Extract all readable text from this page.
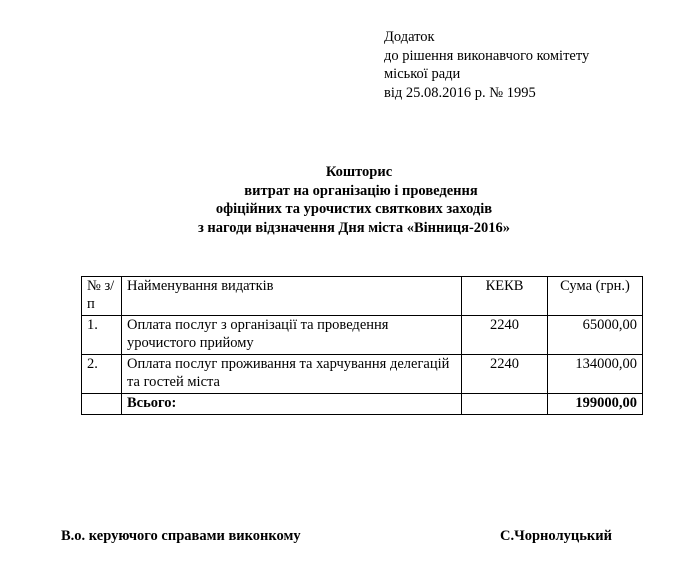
Додаток
до рішення виконавчого комітету
міської ради
від 25.08.2016 р. № 1995
Кошторис
витрат на організацію і проведення
офіційних та урочистих святкових заходів
з нагоди відзначення Дня міста «Вінниця-2016»
№ з/п	Найменування видатків	КЕКВ	Сума (грн.)
1.	Оплата послуг з організації та проведення урочистого прийому	2240	65000,00
2.	Оплата послуг проживання та харчування делегацій та гостей міста	2240	134000,00
	Всього:		199000,00
В.о. керуючого справами виконкому	С.Чорнолуцький
